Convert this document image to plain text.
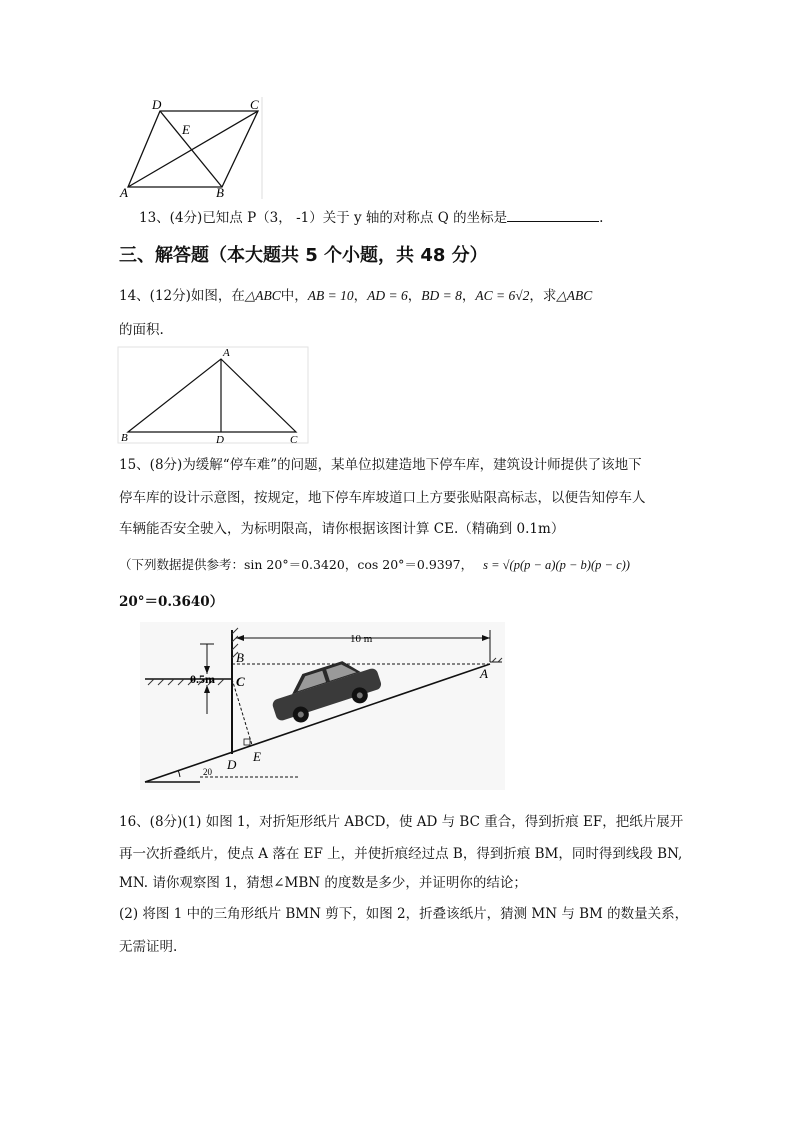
D	C
E
A	B
13、(4分)已知点 P（3， -1）关于 y 轴的对称点 Q 的坐标是	.
三、解答题（本大题共 5 个小题，共 48 分）
14、(12分)如图，在△ABC中，AB = 10，AD = 6，BD = 8，AC = 6√2，求△ABC
的面积.
A
B	D	C
15、(8分)为缓解“停车难”的问题，某单位拟建造地下停车库，建筑设计师提供了该地下
停车库的设计示意图，按规定，地下停车库坡道口上方要张贴限高标志，以便告知停车人
车辆能否安全驶入，为标明限高，请你根据该图计算 CE.（精确到 0.1m）
（下列数据提供参考：sin 20°＝0.3420，cos 20°＝0.9397， s = √(p(p − a)(p − b)(p − c))
20°＝0.3640）
10 m
0.5m
20
B
C
A
D
E
16、(8分)(1) 如图 1，对折矩形纸片 ABCD，使 AD 与 BC 重合，得到折痕 EF，把纸片展开
再一次折叠纸片，使点 A 落在 EF 上，并使折痕经过点 B，得到折痕 BM，同时得到线段 BN,
MN. 请你观察图 1，猜想∠MBN 的度数是多少，并证明你的结论；
(2) 将图 1 中的三角形纸片 BMN 剪下，如图 2，折叠该纸片，猜测 MN 与 BM 的数量关系，
无需证明.
